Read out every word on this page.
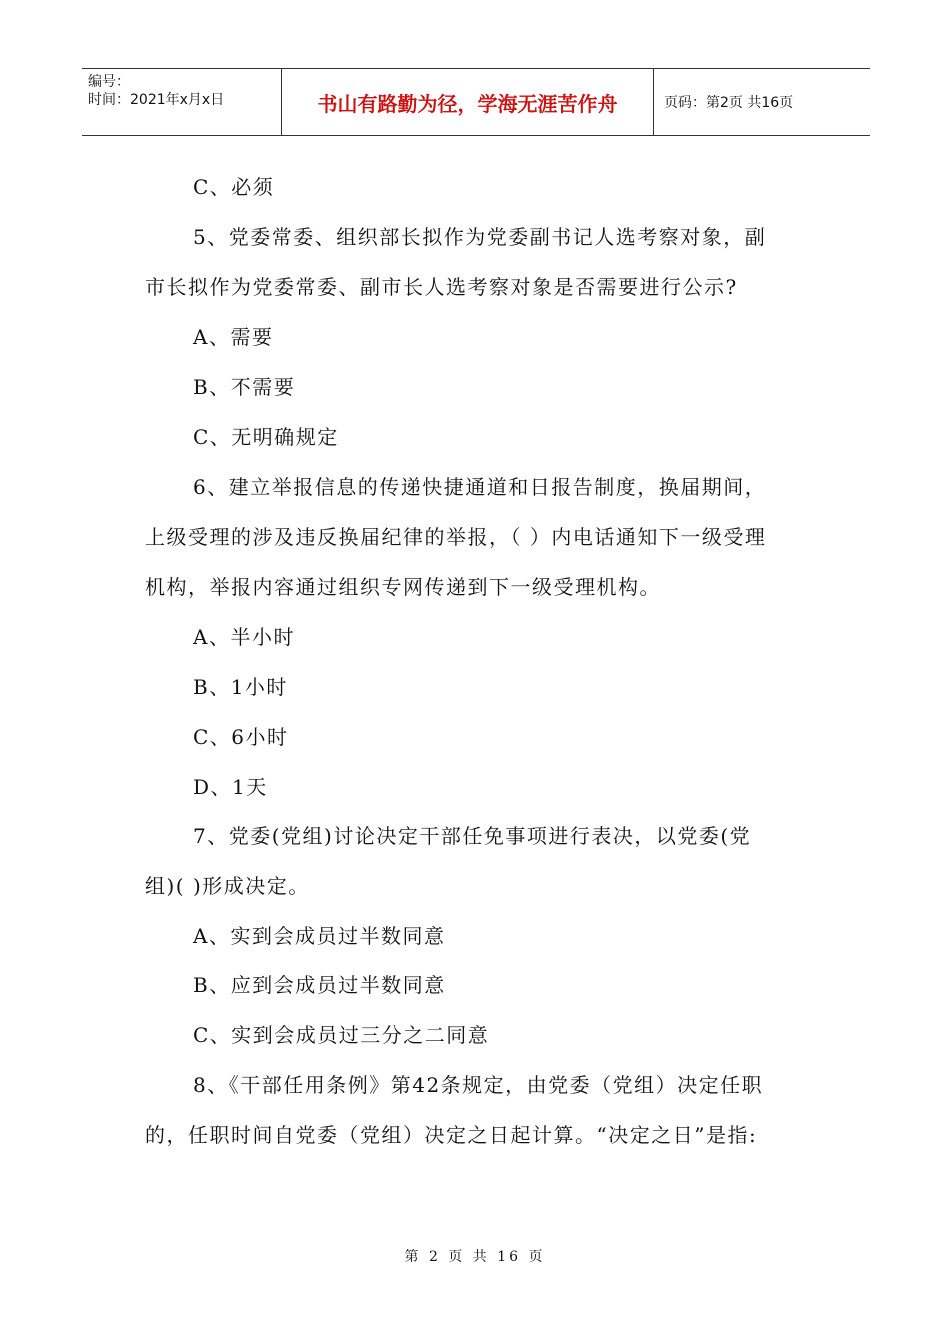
编号：
时间：2021年x月x日	书山有路勤为径，学海无涯苦作舟	页码：第2页 共16页
C、必须
5、党委常委、组织部长拟作为党委副书记人选考察对象，副
市长拟作为党委常委、副市长人选考察对象是否需要进行公示?
A、需要
B、不需要
C、无明确规定
6、建立举报信息的传递快捷通道和日报告制度，换届期间，
上级受理的涉及违反换届纪律的举报，（ ）内电话通知下一级受理
机构，举报内容通过组织专网传递到下一级受理机构。
A、半小时
B、1小时
C、6小时
D、1天
7、党委(党组)讨论决定干部任免事项进行表决，以党委(党
组)( )形成决定。
A、实到会成员过半数同意
B、应到会成员过半数同意
C、实到会成员过三分之二同意
8、《干部任用条例》第42条规定，由党委（党组）决定任职
的，任职时间自党委（党组）决定之日起计算。“决定之日”是指:
第 2 页 共 16 页
